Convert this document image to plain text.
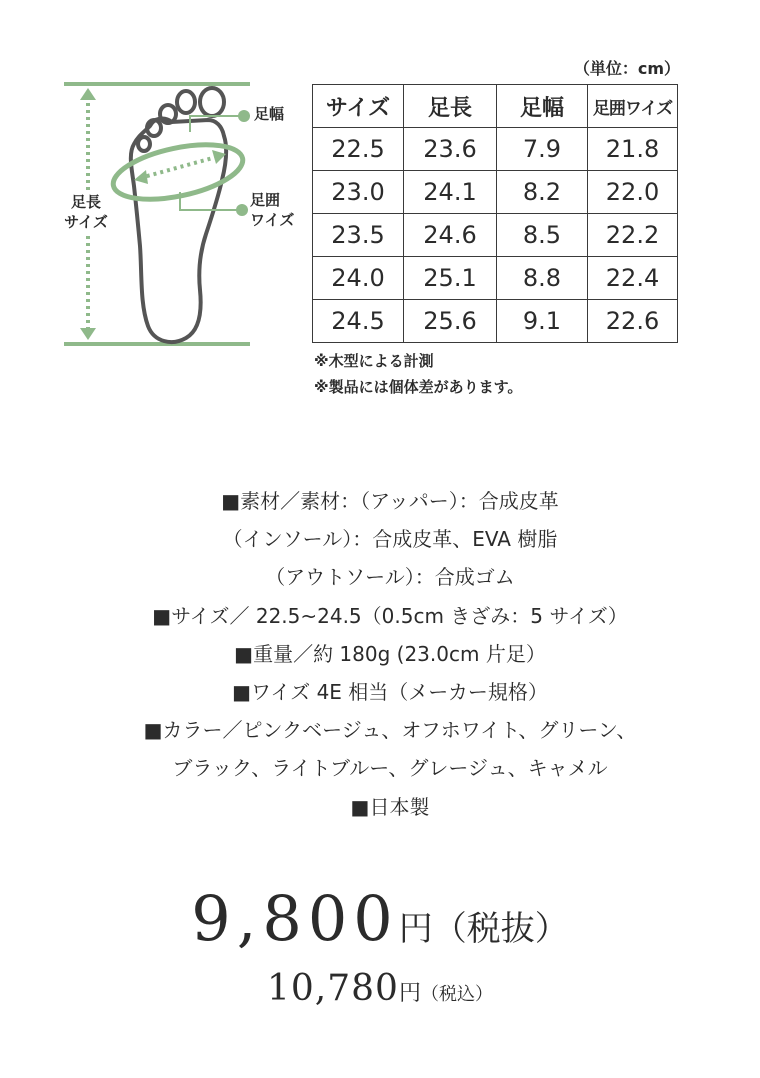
（単位：cm）
足長
サイズ
足幅
足囲
ワイズ
サイズ	足長	足幅	足囲ワイズ
22.5	23.6	7.9	21.8
23.0	24.1	8.2	22.0
23.5	24.6	8.5	22.2
24.0	25.1	8.8	22.4
24.5	25.6	9.1	22.6
※木型による計測
※製品には個体差があります。
■素材／素材：（アッパー）：合成皮革
（インソール）：合成皮革、EVA 樹脂
（アウトソール）：合成ゴム
■サイズ／ 22.5~24.5（0.5cm きざみ：5 サイズ）
■重量／約 180g (23.0cm 片足）
■ワイズ 4E 相当（メーカー規格）
■カラー／ピンクベージュ、オフホワイト、グリーン、
ブラック、ライトブルー、グレージュ、キャメル
■日本製
9,800円（税抜）
10,780円（税込）
